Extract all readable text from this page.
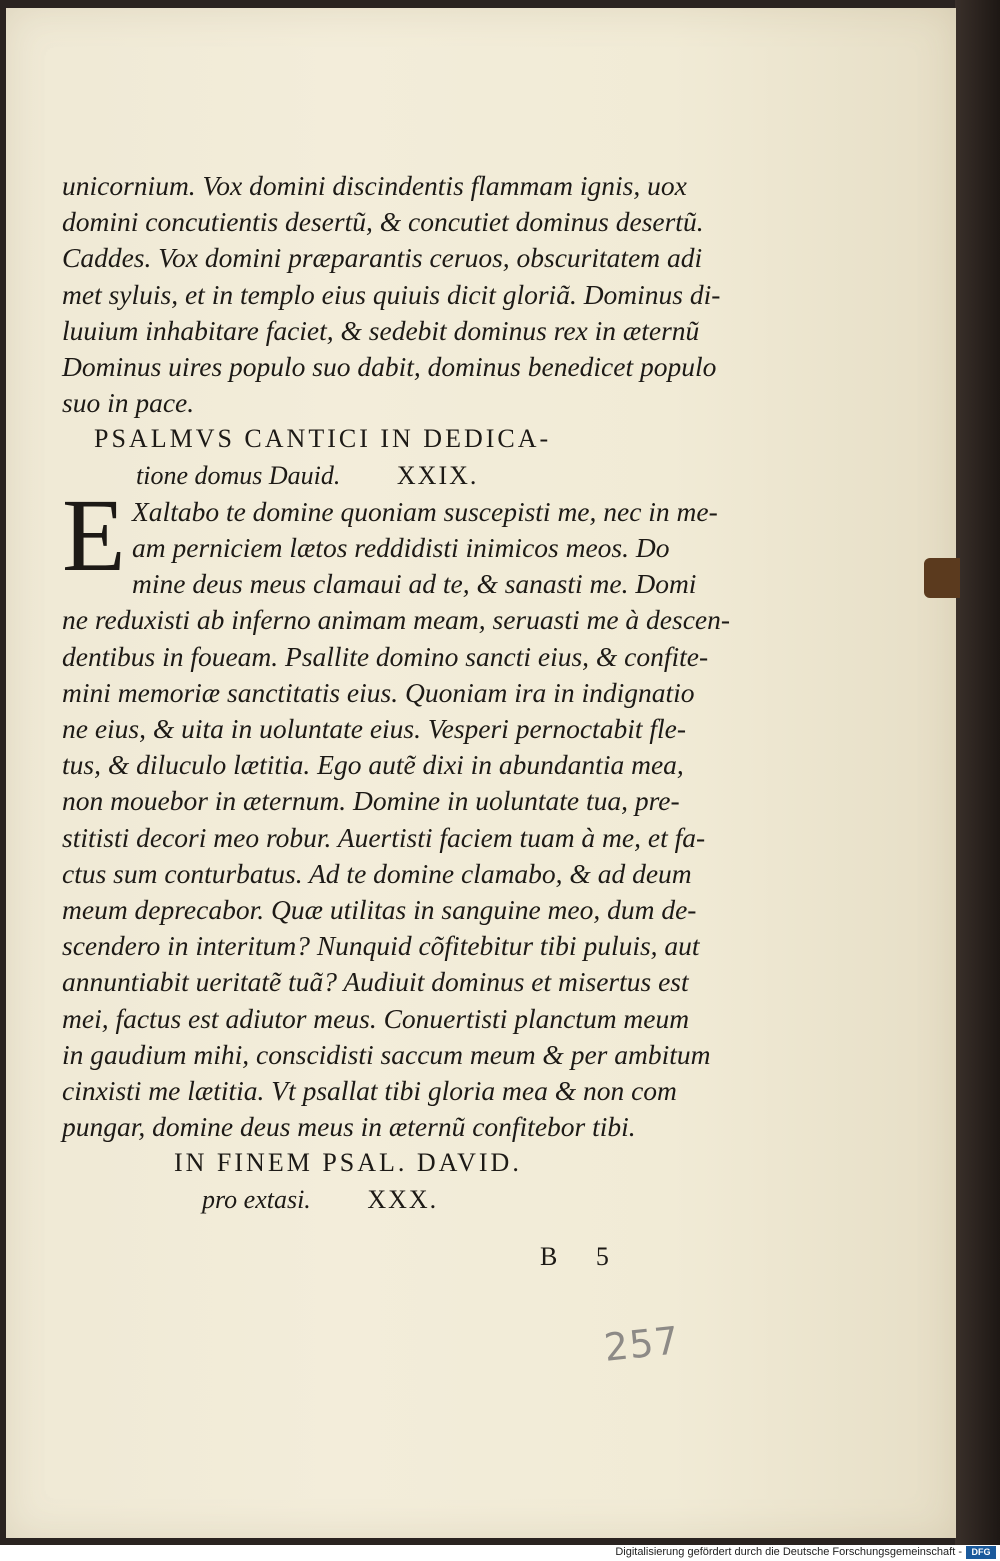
unicornium. Vox domini discindentis flammam ignis, uox
domini concutientis desertũ, & concutiet dominus desertũ.
Caddes. Vox domini præparantis ceruos, obscuritatem adi
met syluis, et in templo eius quiuis dicit gloriã. Dominus di-
luuium inhabitare faciet, & sedebit dominus rex in æternũ
Dominus uires populo suo dabit, dominus benedicet populo
suo in pace.
PSALMVS CANTICI IN DEDICA-
tione domus Dauid. XXIX.
E Xaltabo te domine quoniam suscepisti me, nec in me-
am perniciem lætos reddidisti inimicos meos. Do
mine deus meus clamaui ad te, & sanasti me. Domi
ne reduxisti ab inferno animam meam, seruasti me à descen-
dentibus in foueam. Psallite domino sancti eius, & confite-
mini memoriæ sanctitatis eius. Quoniam ira in indignatio
ne eius, & uita in uoluntate eius. Vesperi pernoctabit fle-
tus, & diluculo lætitia. Ego autẽ dixi in abundantia mea,
non mouebor in æternum. Domine in uoluntate tua, pre-
stitisti decori meo robur. Auertisti faciem tuam à me, et fa-
ctus sum conturbatus. Ad te domine clamabo, & ad deum
meum deprecabor. Quæ utilitas in sanguine meo, dum de-
scendero in interitum? Nunquid cõfitebitur tibi puluis, aut
annuntiabit ueritatẽ tuã? Audiuit dominus et misertus est
mei, factus est adiutor meus. Conuertisti planctum meum
in gaudium mihi, conscidisti saccum meum & per ambitum
cinxisti me lætitia. Vt psallat tibi gloria mea & non com
pungar, domine deus meus in æternũ confitebor tibi.
IN FINEM PSAL. DAVID.
pro extasi. XXX.
B 5
257
Digitalisierung gefördert durch die Deutsche Forschungsgemeinschaft -	DFG
